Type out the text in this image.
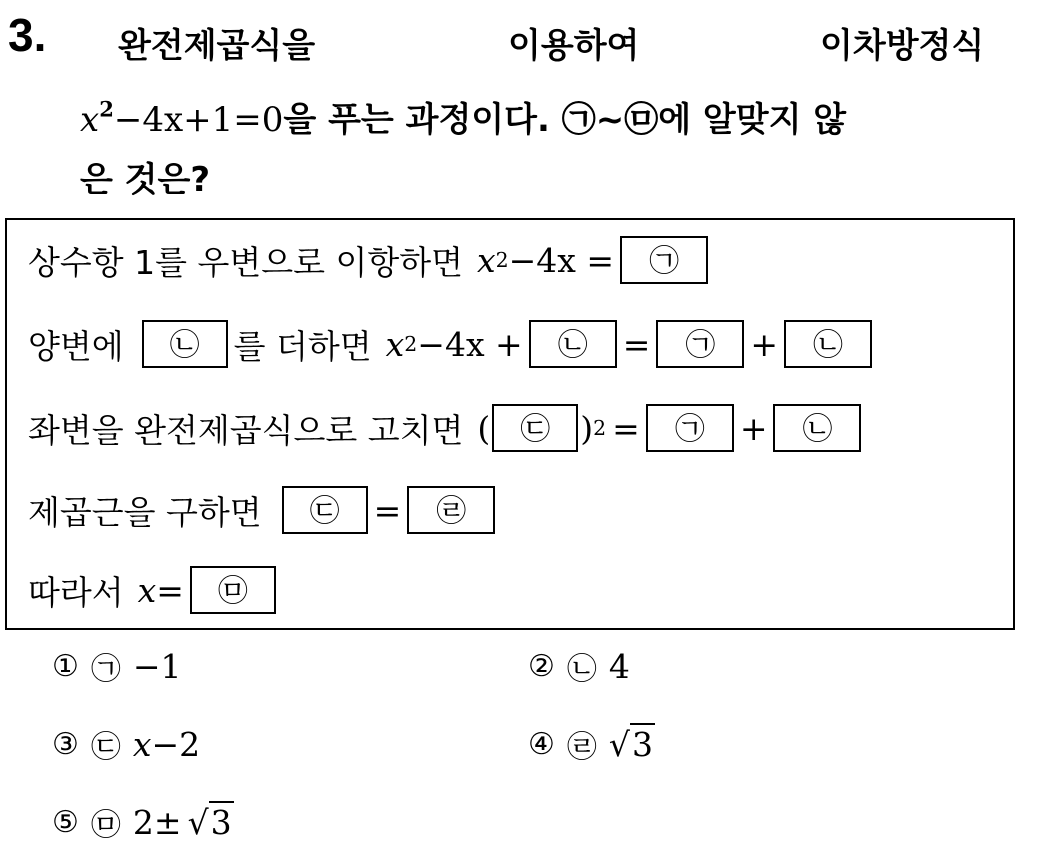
3. 완전제곱식을	이용하여	이차방정식
$x^2-4x+1=0$을 푸는 과정이다. ㉠~㉤에 알맞지 않
은 것은?
상수항 1를 우변으로 이항하면 x 2 −4x =	㉠
양변에	㉡	를 더하면 x 2 −4x +	㉡	=	㉠	+	㉡
좌변을 완전제곱식으로 고치면 (	㉢ ) 2 =	㉠	+	㉡
제곱근을 구하면	㉢	=	㉣
따라서 x =	㉤
① ㉠ −1	② ㉡ 4
③ ㉢ x −2	④ ㉣ √3
⑤ ㉤ 2± √3
